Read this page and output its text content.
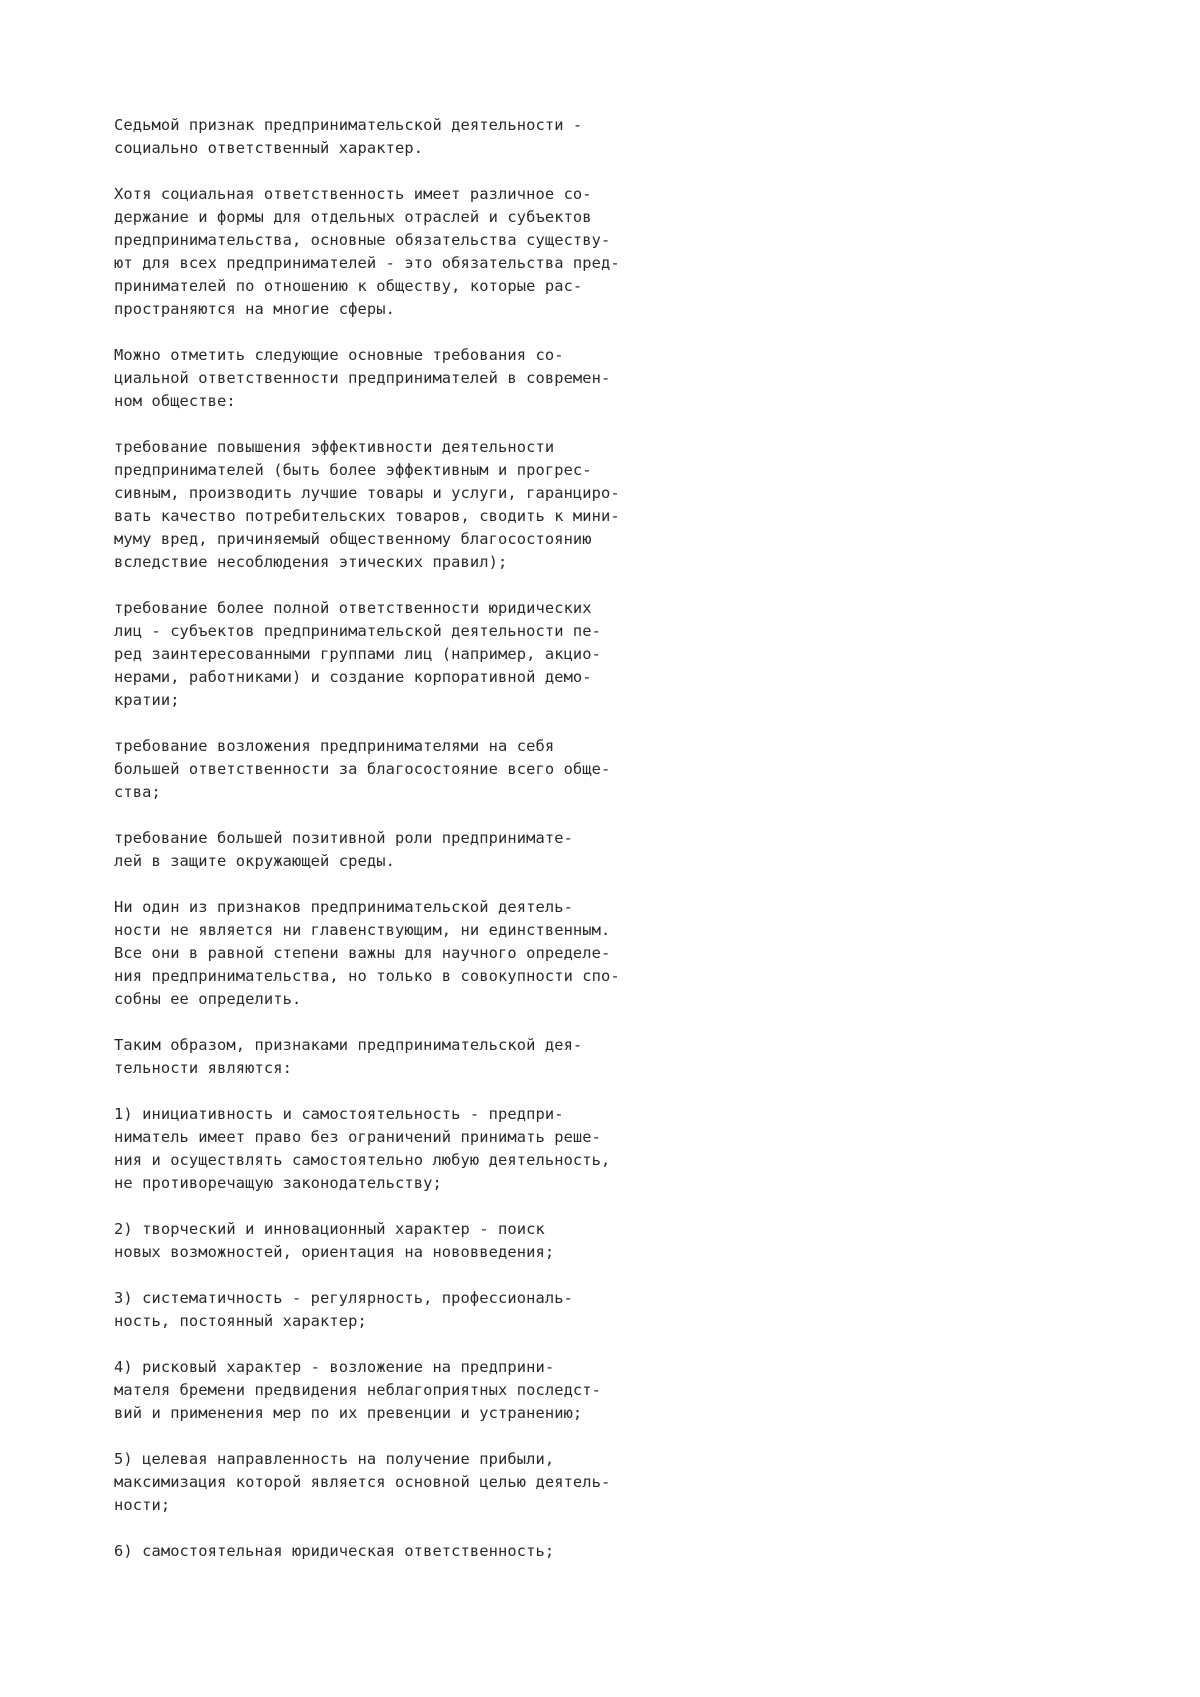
Седьмой признак предпринимательской деятельности -
социально ответственный характер.

Хотя социальная ответственность имеет различное со-
держание и формы для отдельных отраслей и субъектов
предпринимательства, основные обязательства существу-
ют для всех предпринимателей - это обязательства пред-
принимателей по отношению к обществу, которые рас-
пространяются на многие сферы.

Можно отметить следующие основные требования со-
циальной ответственности предпринимателей в современ-
ном обществе:

требование повышения эффективности деятельности
предпринимателей (быть более эффективным и прогрес-
сивным, производить лучшие товары и услуги, гаранциро-
вать качество потребительских товаров, сводить к мини-
муму вред, причиняемый общественному благосостоянию
вследствие несоблюдения этических правил);

требование более полной ответственности юридических
лиц - субъектов предпринимательской деятельности пе-
ред заинтересованными группами лиц (например, акцио-
нерами, работниками) и создание корпоративной демо-
кратии;

требование возложения предпринимателями на себя
большей ответственности за благосостояние всего обще-
ства;

требование большей позитивной роли предпринимате-
лей в защите окружающей среды.

Ни один из признаков предпринимательской деятель-
ности не является ни главенствующим, ни единственным.
Все они в равной степени важны для научного определе-
ния предпринимательства, но только в совокупности спо-
собны ее определить.

Таким образом, признаками предпринимательской дея-
тельности являются:

1) инициативность и самостоятельность - предпри-
ниматель имеет право без ограничений принимать реше-
ния и осуществлять самостоятельно любую деятельность,
не противоречащую законодательству;

2) творческий и инновационный характер - поиск
новых возможностей, ориентация на нововведения;

3) систематичность - регулярность, профессиональ-
ность, постоянный характер;

4) рисковый характер - возложение на предприни-
мателя бремени предвидения неблагоприятных последст-
вий и применения мер по их превенции и устранению;

5) целевая направленность на получение прибыли,
максимизация которой является основной целью деятель-
ности;

6) самостоятельная юридическая ответственность;
